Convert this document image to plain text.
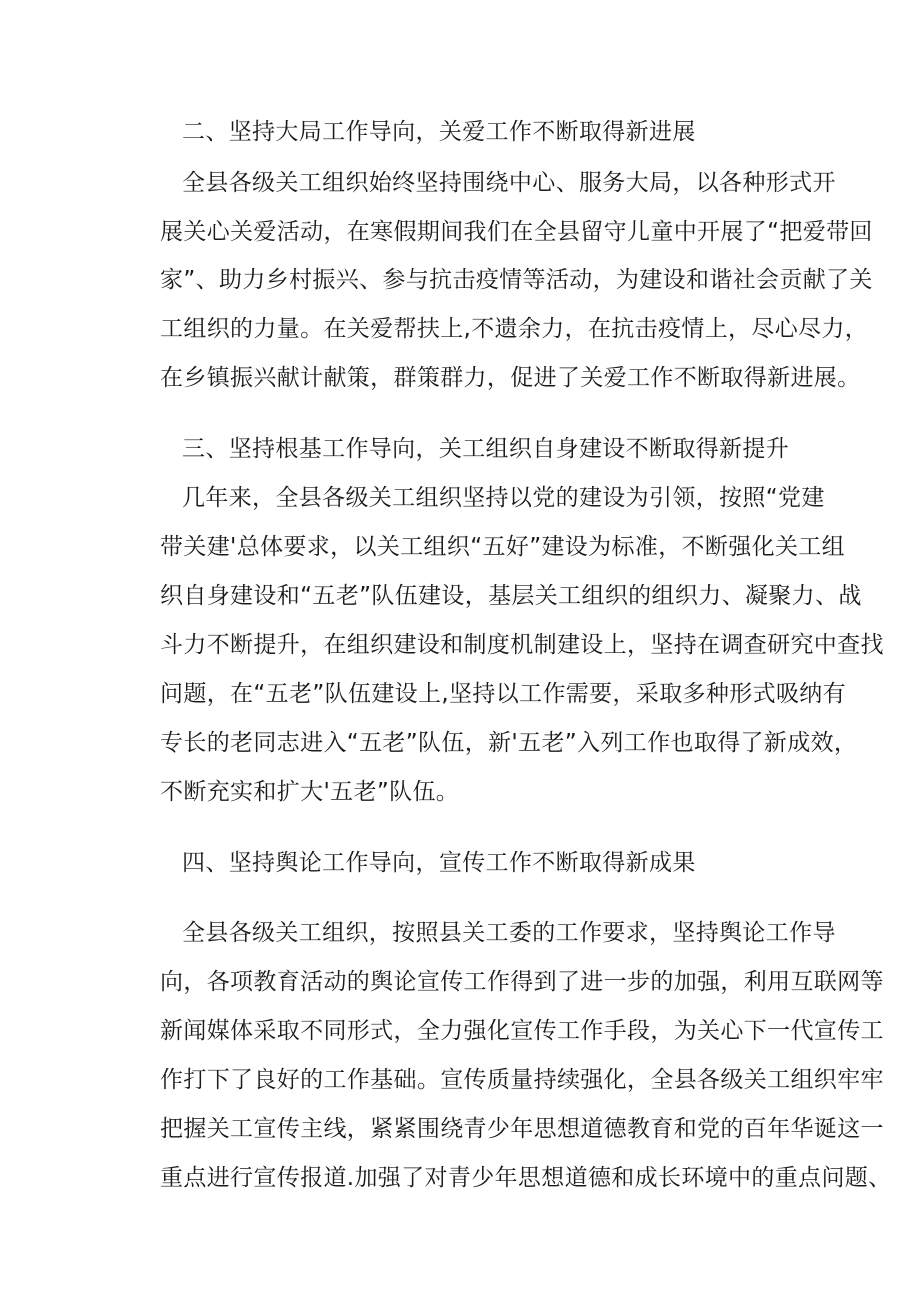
二、坚持大局工作导向，关爱工作不断取得新进展
全县各级关工组织始终坚持围绕中心、服务大局，以各种形式开
展关心关爱活动，在寒假期间我们在全县留守儿童中开展了“把爱带回
家”、助力乡村振兴、参与抗击疫情等活动，为建设和谐社会贡献了关
工组织的力量。在关爱帮扶上,不遗余力，在抗击疫情上，尽心尽力，
在乡镇振兴献计献策，群策群力，促进了关爱工作不断取得新进展。
三、坚持根基工作导向，关工组织自身建设不断取得新提升
几年来，全县各级关工组织坚持以党的建设为引领，按照“党建
带关建'总体要求，以关工组织“五好”建设为标准，不断强化关工组
织自身建设和“五老”队伍建设，基层关工组织的组织力、凝聚力、战
斗力不断提升，在组织建设和制度机制建设上，坚持在调查研究中查找
问题，在“五老”队伍建设上,坚持以工作需要，采取多种形式吸纳有
专长的老同志进入“五老”队伍，新'五老”入列工作也取得了新成效，
不断充实和扩大'五老”队伍。
四、坚持舆论工作导向，宣传工作不断取得新成果
全县各级关工组织，按照县关工委的工作要求，坚持舆论工作导
向，各项教育活动的舆论宣传工作得到了进一步的加强，利用互联网等
新闻媒体采取不同形式，全力强化宣传工作手段，为关心下一代宣传工
作打下了良好的工作基础。宣传质量持续强化，全县各级关工组织牢牢
把握关工宣传主线，紧紧围绕青少年思想道德教育和党的百年华诞这一
重点进行宣传报道.加强了对青少年思想道德和成长环境中的重点问题、
